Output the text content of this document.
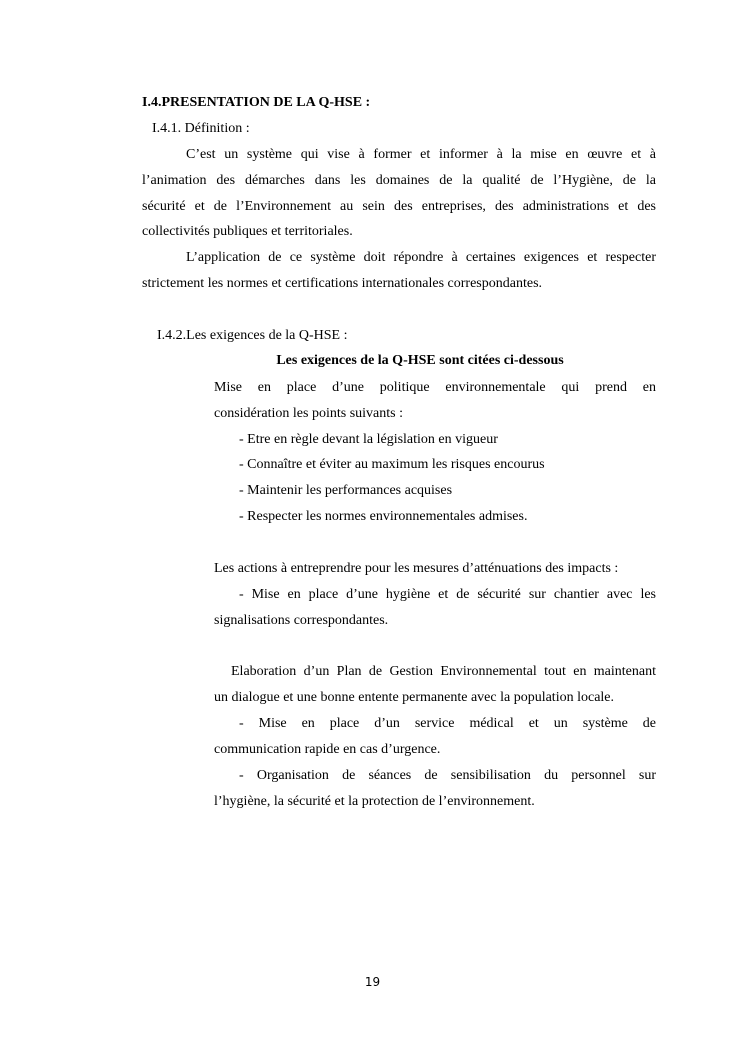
I.4.PRESENTATION DE LA Q-HSE :
I.4.1. Définition :
C’est un système qui vise à former et informer à la mise en œuvre et à
l’animation des démarches dans les domaines de la qualité de l’Hygiène, de la
sécurité et de l’Environnement au sein des entreprises, des administrations et des
collectivités publiques et territoriales.
L’application de ce système doit répondre à certaines exigences et respecter
strictement les normes et certifications internationales correspondantes.
I.4.2.Les exigences de la Q-HSE :
Les exigences de la Q-HSE sont citées ci-dessous
Mise en place d’une politique environnementale qui prend en
considération les points suivants :
- Etre en règle devant la législation en vigueur
- Connaître et éviter au maximum les risques encourus
- Maintenir les performances acquises
- Respecter les normes environnementales admises.
Les actions à entreprendre pour les mesures d’atténuations des impacts :
- Mise en place d’une hygiène et de sécurité sur chantier avec les
signalisations correspondantes.
Elaboration d’un Plan de Gestion Environnemental tout en maintenant
un dialogue et une bonne entente permanente avec la population locale.
- Mise en place d’un service médical et un système de
communication rapide en cas d’urgence.
- Organisation de séances de sensibilisation du personnel sur
l’hygiène, la sécurité et la protection de l’environnement.
19
